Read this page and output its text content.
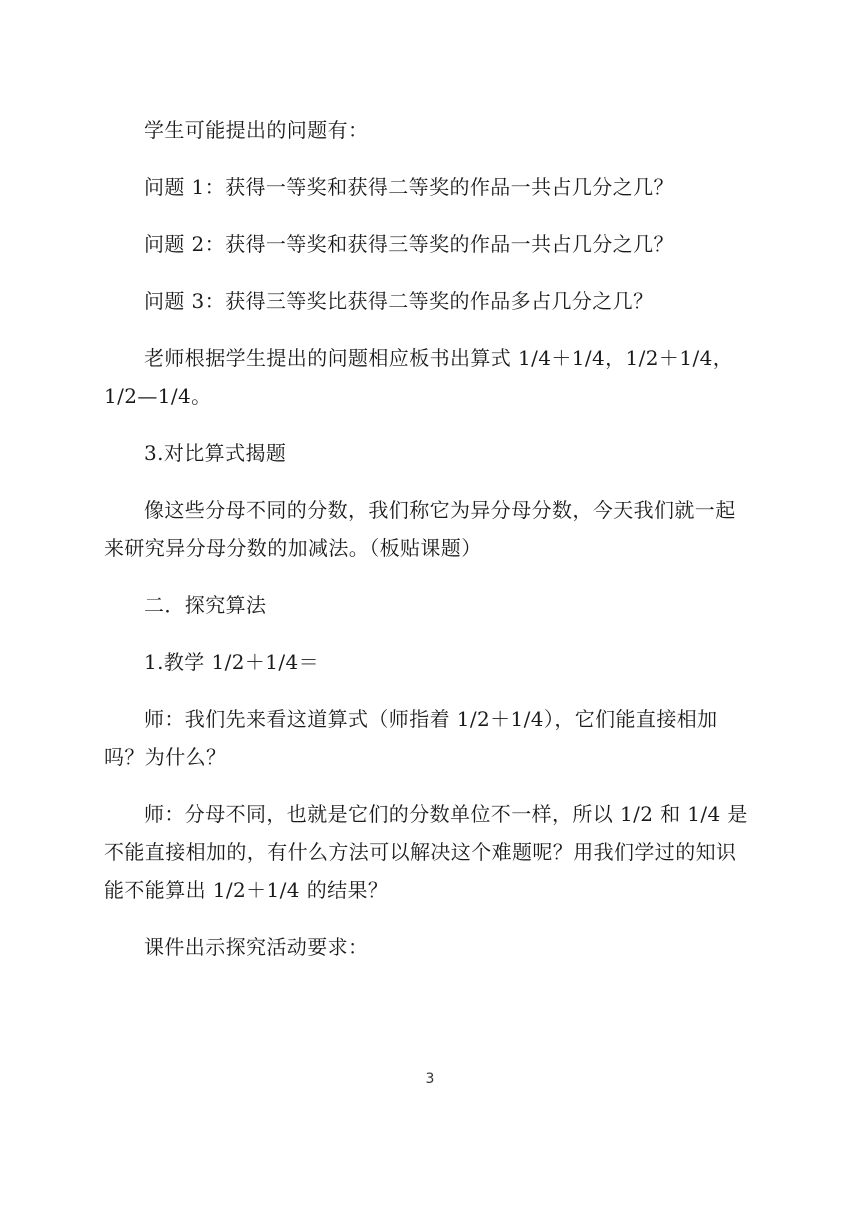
学生可能提出的问题有：

问题 1：获得一等奖和获得二等奖的作品一共占几分之几？

问题 2：获得一等奖和获得三等奖的作品一共占几分之几？

问题 3：获得三等奖比获得二等奖的作品多占几分之几？

老师根据学生提出的问题相应板书出算式 1/4＋1/4，1/2＋1/4，1/2—1/4。

3.对比算式揭题

像这些分母不同的分数，我们称它为异分母分数，今天我们就一起来研究异分母分数的加减法。（板贴课题）

二．探究算法

1.教学 1/2＋1/4＝

师：我们先来看这道算式（师指着 1/2＋1/4），它们能直接相加吗？为什么？

师：分母不同，也就是它们的分数单位不一样，所以 1/2 和 1/4 是不能直接相加的，有什么方法可以解决这个难题呢？用我们学过的知识能不能算出 1/2＋1/4 的结果？

课件出示探究活动要求：

3
